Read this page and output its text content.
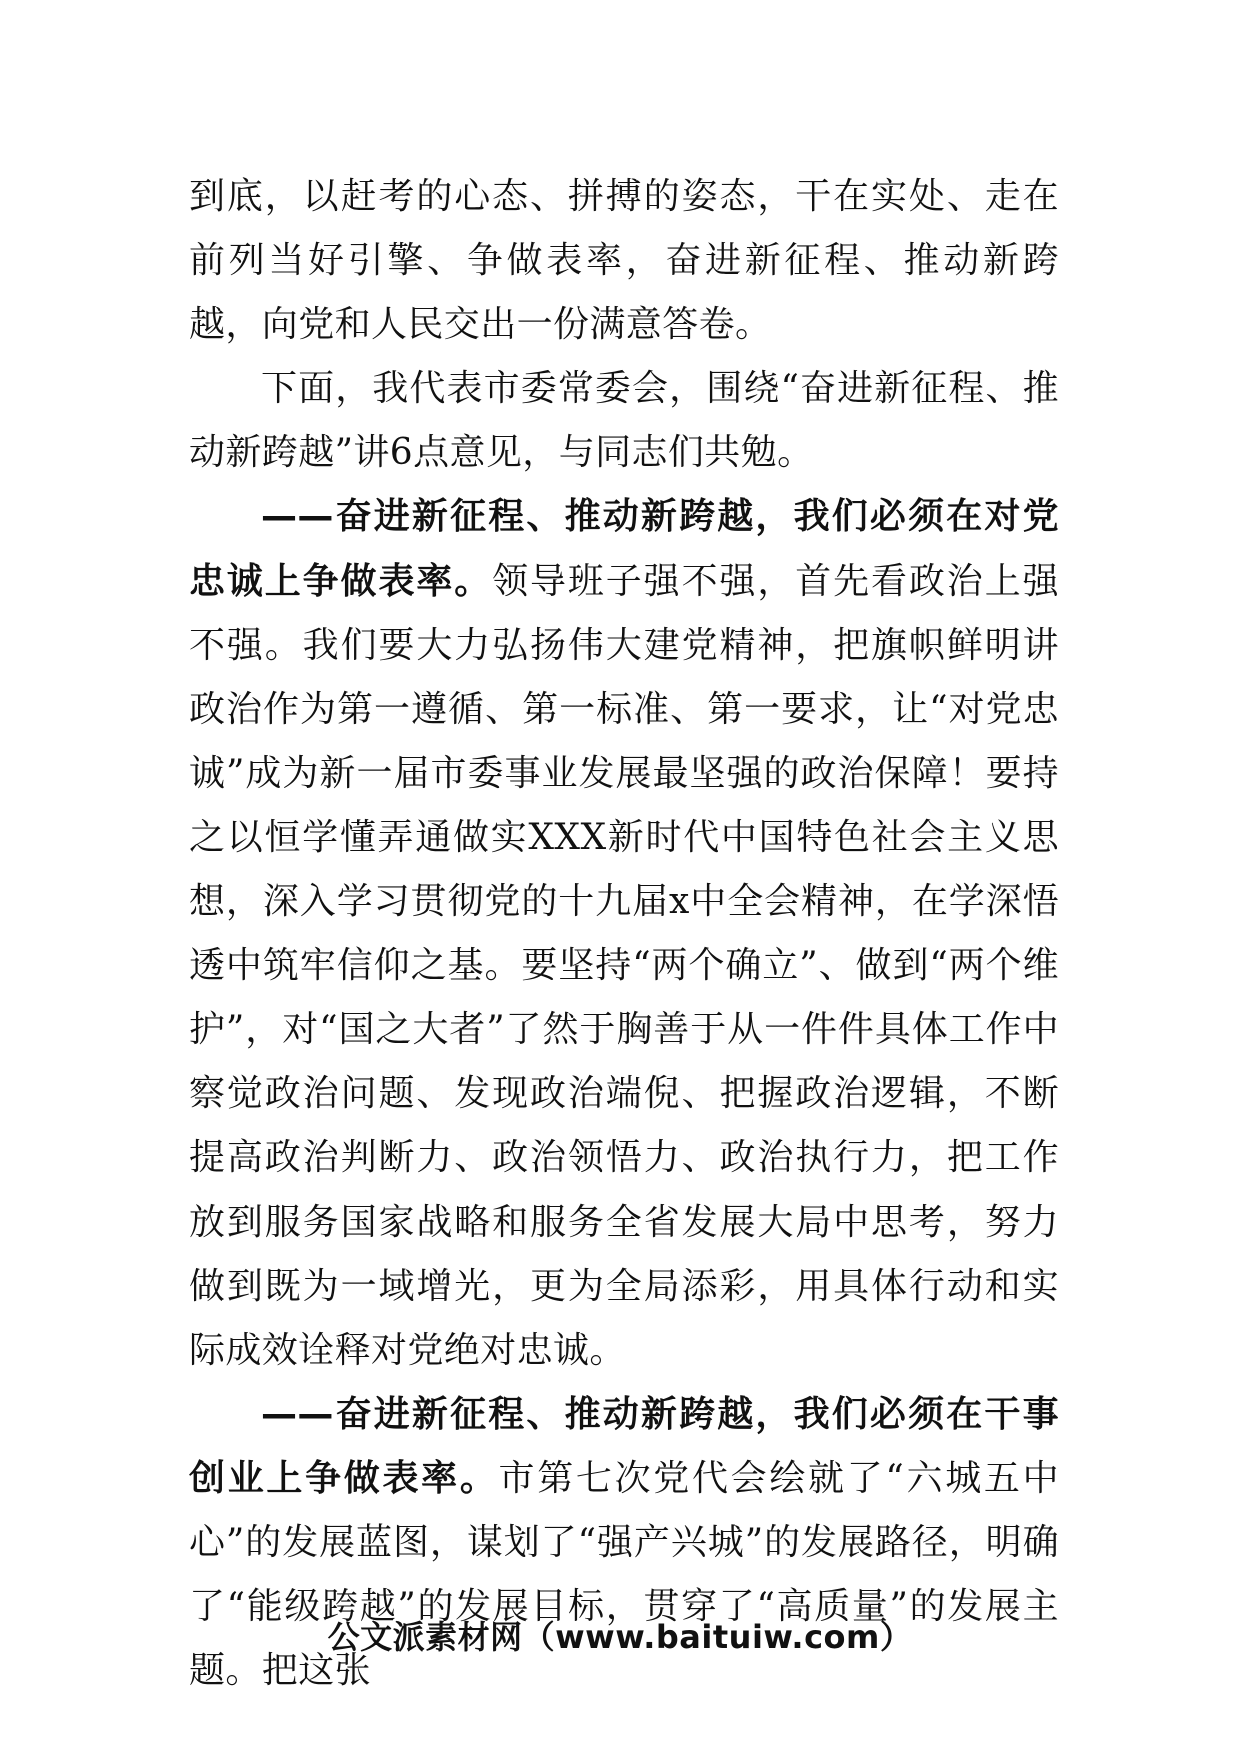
到底，以赶考的心态、拼搏的姿态，干在实处、走在前列当好引擎、争做表率，奋进新征程、推动新跨越，向党和人民交出一份满意答卷。

下面，我代表市委常委会，围绕“奋进新征程、推动新跨越”讲6点意见，与同志们共勉。

——奋进新征程、推动新跨越，我们必须在对党忠诚上争做表率。领导班子强不强，首先看政治上强不强。我们要大力弘扬伟大建党精神，把旗帜鲜明讲政治作为第一遵循、第一标准、第一要求，让“对党忠诚”成为新一届市委事业发展最坚强的政治保障！要持之以恒学懂弄通做实XXX新时代中国特色社会主义思想，深入学习贯彻党的十九届x中全会精神，在学深悟透中筑牢信仰之基。要坚持“两个确立”、做到“两个维护”，对“国之大者”了然于胸善于从一件件具体工作中察觉政治问题、发现政治端倪、把握政治逻辑，不断提高政治判断力、政治领悟力、政治执行力，把工作放到服务国家战略和服务全省发展大局中思考，努力做到既为一域增光，更为全局添彩，用具体行动和实际成效诠释对党绝对忠诚。

——奋进新征程、推动新跨越，我们必须在干事创业上争做表率。市第七次党代会绘就了“六城五中心”的发展蓝图，谋划了“强产兴城”的发展路径，明确了“能级跨越”的发展目标，贯穿了“高质量”的发展主题。把这张

公文派素材网（www.baituiw.com）
